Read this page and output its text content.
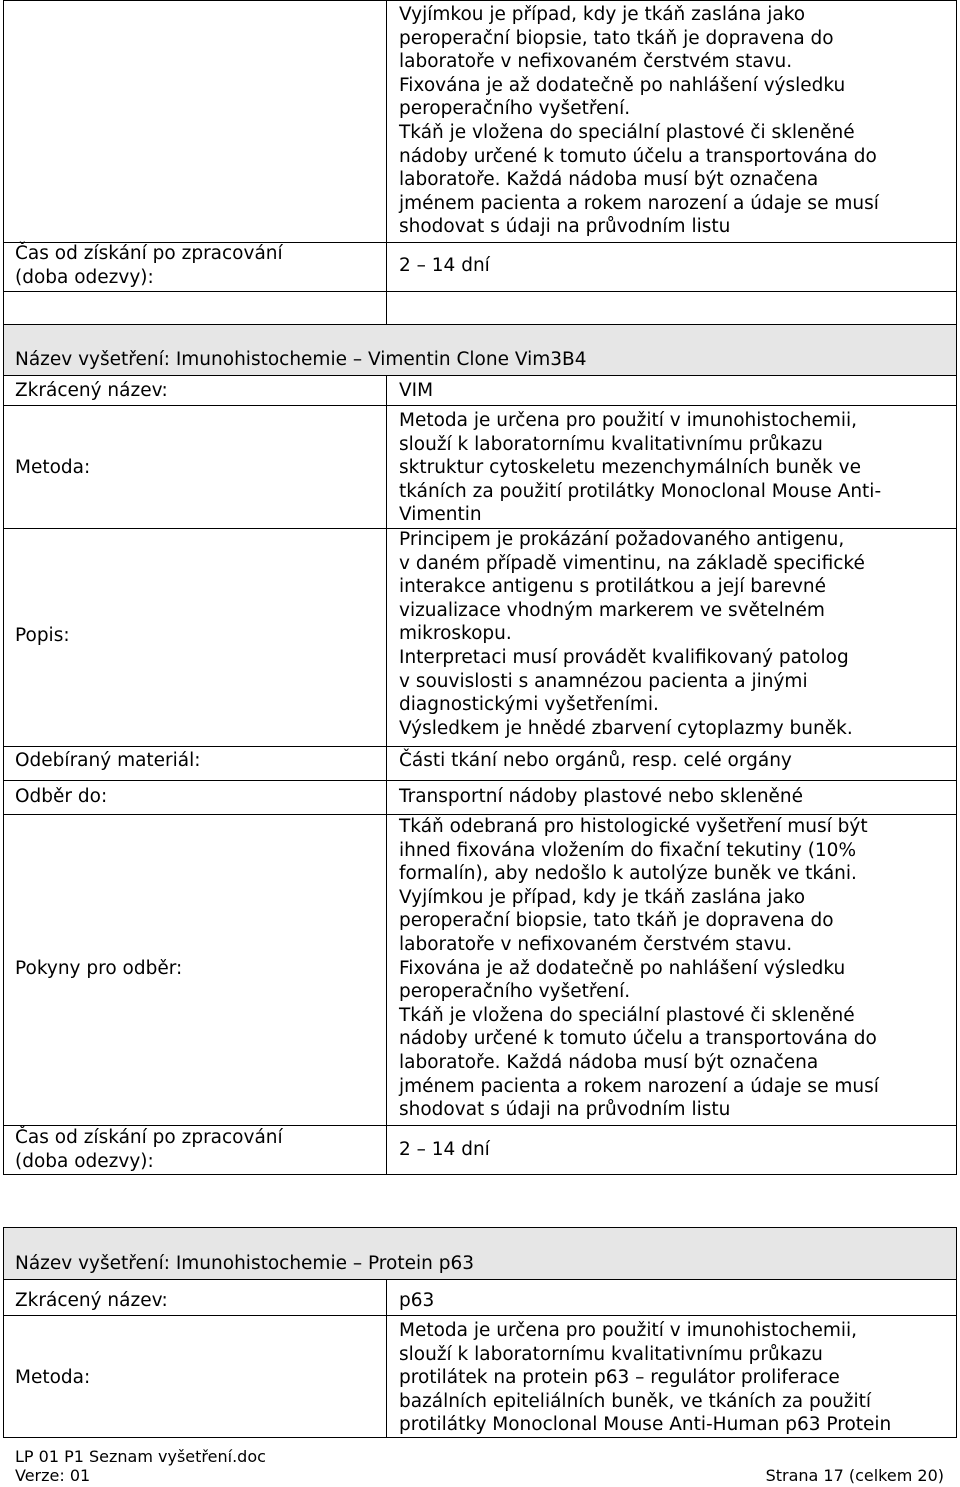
Vyjímkou je případ, kdy je tkáň zaslána jako
peroperační biopsie, tato tkáň je dopravena do
laboratoře v nefixovaném čerstvém stavu.
Fixována je až dodatečně po nahlášení výsledku
peroperačního vyšetření.
Tkáň je vložena do speciální plastové či skleněné
nádoby určené k tomuto účelu a transportována do
laboratoře. Každá nádoba musí být označena
jménem pacienta a rokem narození a údaje se musí
shodovat s údaji na průvodním listu
Čas od získání po zpracování
(doba odezvy):
2 – 14 dní
Název vyšetření: Imunohistochemie – Vimentin Clone Vim3B4
Zkrácený název:	VIM
Metoda:
Metoda je určena pro použití v imunohistochemii,
slouží k laboratornímu kvalitativnímu průkazu
sktruktur cytoskeletu mezenchymálních buněk ve
tkáních za použití protilátky Monoclonal Mouse Anti-
Vimentin
Popis:
Principem je prokázání požadovaného antigenu,
v daném případě vimentinu, na základě specifické
interakce antigenu s protilátkou a její barevné
vizualizace vhodným markerem ve světelném
mikroskopu.
Interpretaci musí provádět kvalifikovaný patolog
v souvislosti s anamnézou pacienta a jinými
diagnostickými vyšetřeními.
Výsledkem je hnědé zbarvení cytoplazmy buněk.
Odebíraný materiál:	Části tkání nebo orgánů, resp. celé orgány
Odběr do:	Transportní nádoby plastové nebo skleněné
Pokyny pro odběr:
Tkáň odebraná pro histologické vyšetření musí být
ihned fixována vložením do fixační tekutiny (10%
formalín), aby nedošlo k autolýze buněk ve tkáni.
Vyjímkou je případ, kdy je tkáň zaslána jako
peroperační biopsie, tato tkáň je dopravena do
laboratoře v nefixovaném čerstvém stavu.
Fixována je až dodatečně po nahlášení výsledku
peroperačního vyšetření.
Tkáň je vložena do speciální plastové či skleněné
nádoby určené k tomuto účelu a transportována do
laboratoře. Každá nádoba musí být označena
jménem pacienta a rokem narození a údaje se musí
shodovat s údaji na průvodním listu
Čas od získání po zpracování
(doba odezvy):
2 – 14 dní
Název vyšetření: Imunohistochemie – Protein p63
Zkrácený název:	p63
Metoda:
Metoda je určena pro použití v imunohistochemii,
slouží k laboratornímu kvalitativnímu průkazu
protilátek na protein p63 – regulátor proliferace
bazálních epiteliálních buněk, ve tkáních za použití
protilátky Monoclonal Mouse Anti-Human p63 Protein
LP 01 P1 Seznam vyšetření.doc
Verze: 01	Strana 17 (celkem 20)
